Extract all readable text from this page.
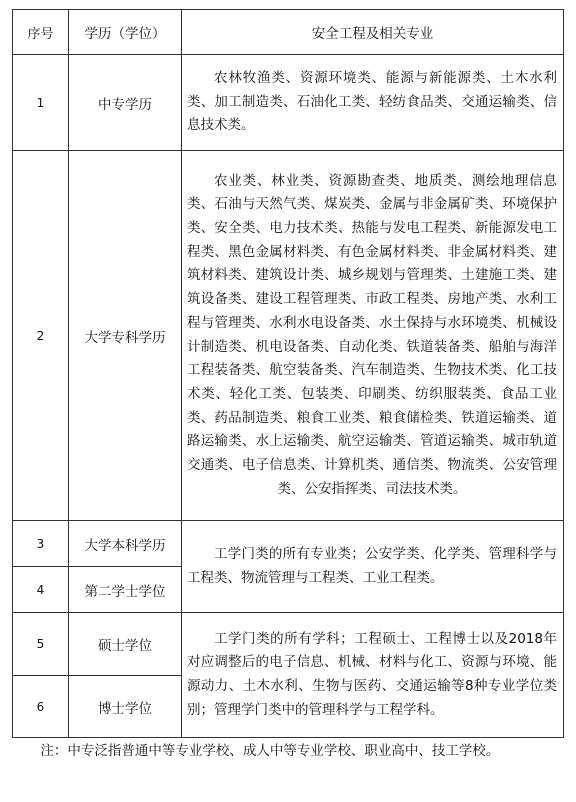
序号	学历（学位）	安全工程及相关专业
1	中专学历	农林牧渔类、资源环境类、能源与新能源类、土木水利类、加工制造类、石油化工类、轻纺食品类、交通运输类、信息技术类。

2	大学专科学历	农业类、林业类、资源勘查类、地质类、测绘地理信息类、石油与天然气类、煤炭类、金属与非金属矿类、环境保护类、安全类、电力技术类、热能与发电工程类、新能源发电工程类、黑色金属材料类、有色金属材料类、非金属材料类、建筑材料类、建筑设计类、城乡规划与管理类、土建施工类、建筑设备类、建设工程管理类、市政工程类、房地产类、水利工程与管理类、水利水电设备类、水土保持与水环境类、机械设计制造类、机电设备类、自动化类、铁道装备类、船舶与海洋工程装备类、航空装备类、汽车制造类、生物技术类、化工技术类、轻化工类、包装类、印刷类、纺织服装类、食品工业类、药品制造类、粮食工业类、粮食储检类、铁道运输类、道路运输类、水上运输类、航空运输类、管道运输类、城市轨道交通类、电子信息类、计算机类、通信类、物流类、公安管理类、公安指挥类、司法技术类。

3	大学本科学历	工学门类的所有专业类；公安学类、化学类、管理科学与工程类、物流管理与工程类、工业工程类。

4	第二学士学位	
5	硕士学位	工学门类的所有学科；工程硕士、工程博士以及2018年对应调整后的电子信息、机械、材料与化工、资源与环境、能源动力、土木水利、生物与医药、交通运输等8种专业学位类别；管理学门类中的管理科学与工程学科。

6	博士学位	
注：中专泛指普通中等专业学校、成人中等专业学校、职业高中、技工学校。
